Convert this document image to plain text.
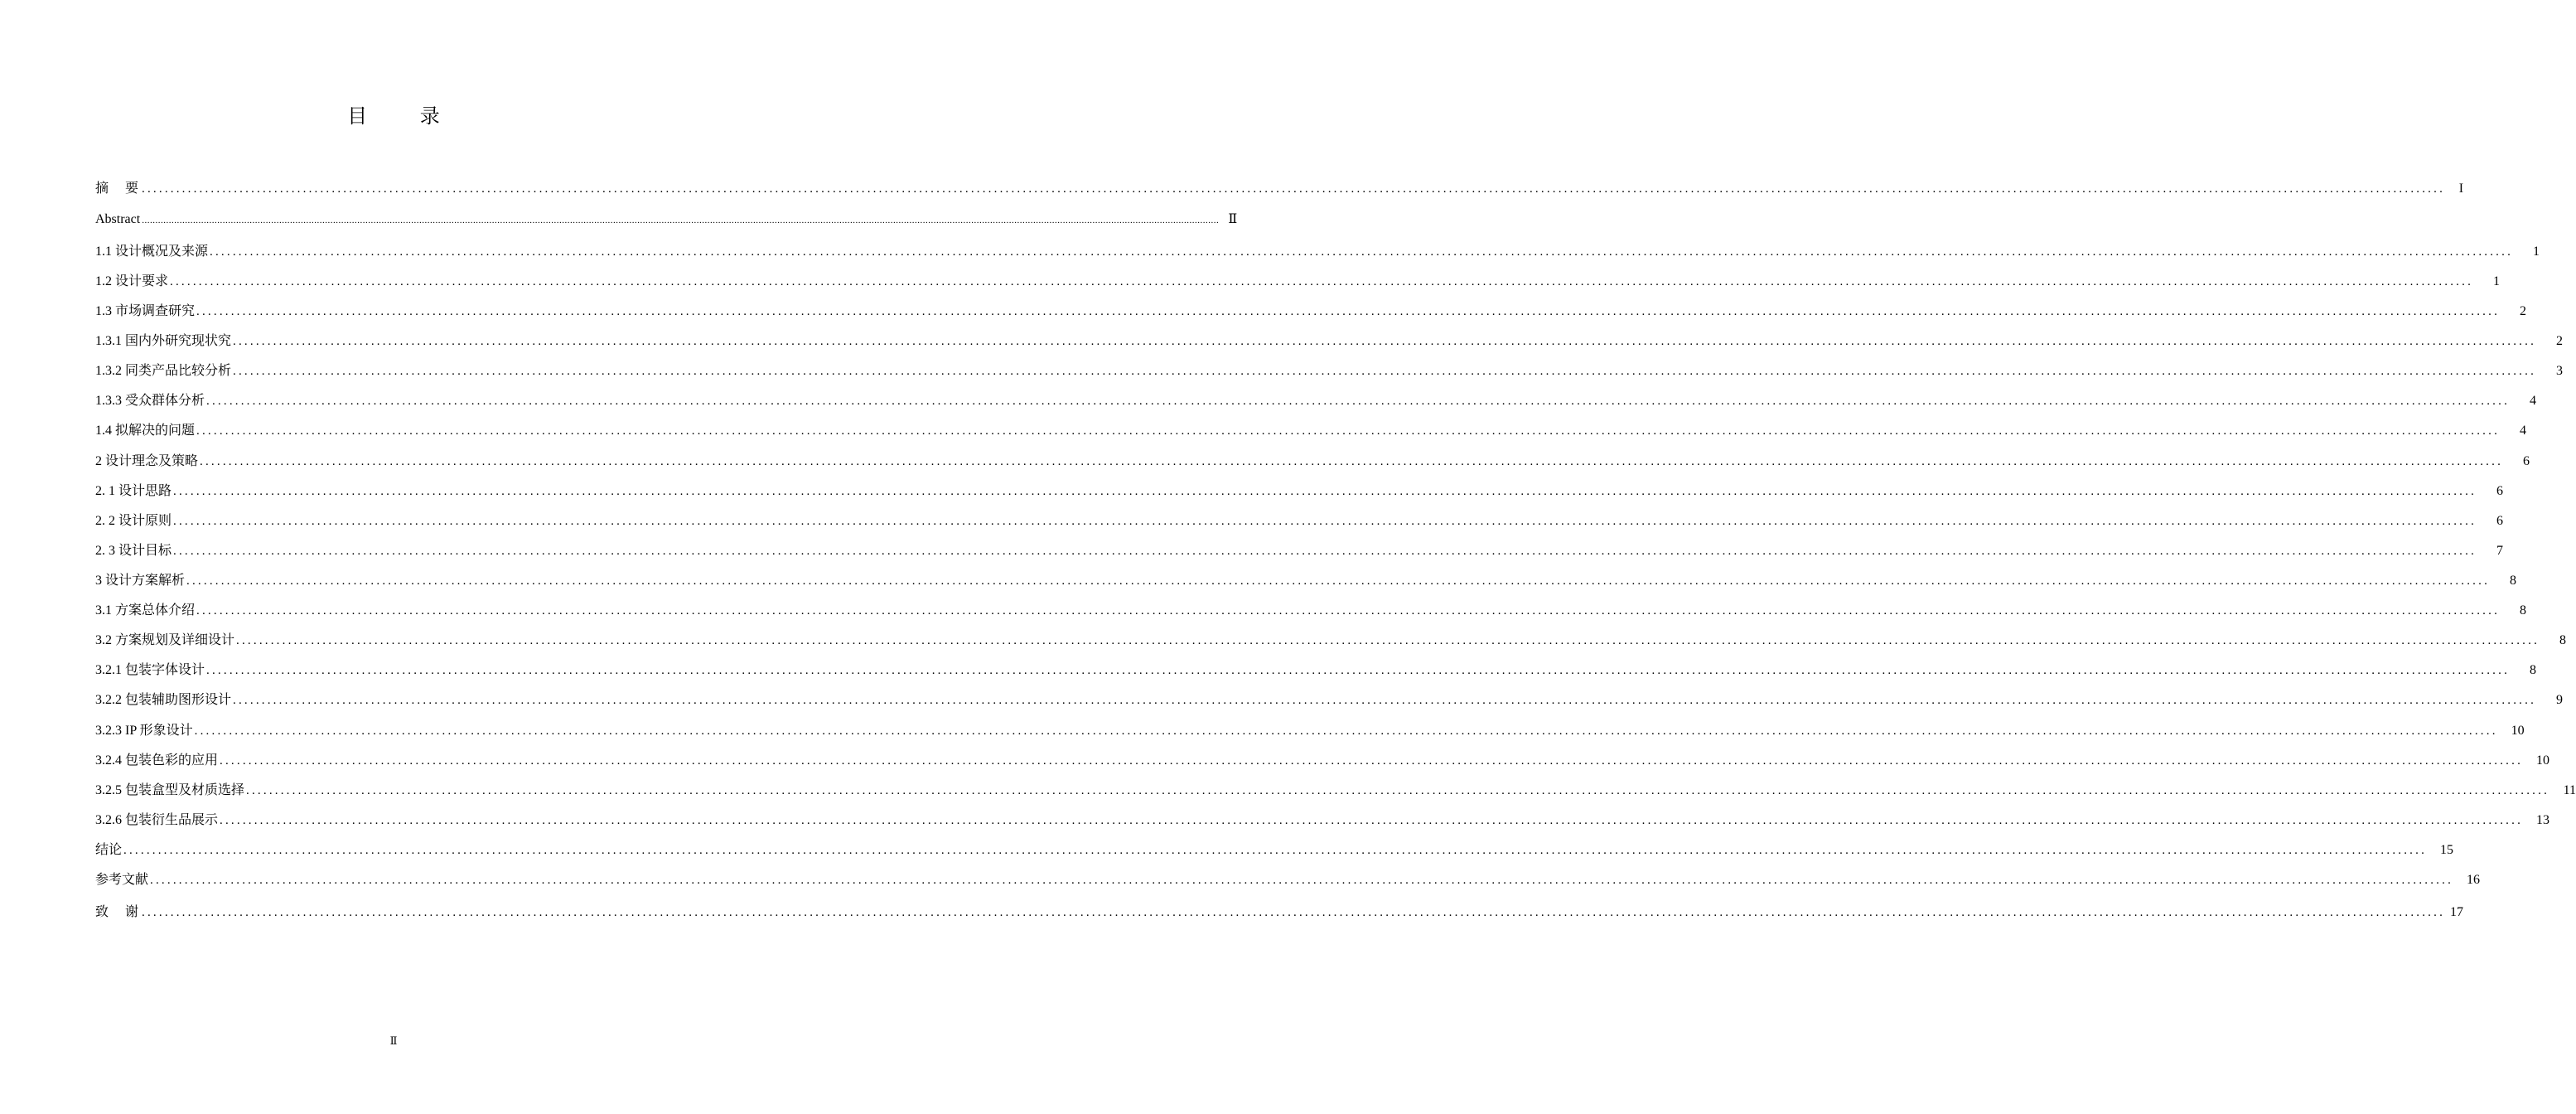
目 录
摘　要 ................................................................................................................................................................................................................................................................................................................................................................................................................	I
Abstract ................................................................................................................................................................................................................................................................................................................................................................................................................ Ⅱ
1.1 设计概况及来源 ................................................................................................................................................................................................................................................................................................................................................................................................................	1
1.2 设计要求 ................................................................................................................................................................................................................................................................................................................................................................................................................	1
1.3 市场调查研究 ................................................................................................................................................................................................................................................................................................................................................................................................................	2
1.3.1 国内外研究现状究 ................................................................................................................................................................................................................................................................................................................................................................................................................	2
1.3.2 同类产品比较分析 ................................................................................................................................................................................................................................................................................................................................................................................................................	3
1.3.3 受众群体分析 ................................................................................................................................................................................................................................................................................................................................................................................................................	4
1.4 拟解决的问题 ................................................................................................................................................................................................................................................................................................................................................................................................................	4
2 设计理念及策略 ................................................................................................................................................................................................................................................................................................................................................................................................................	6
2. 1 设计思路 ................................................................................................................................................................................................................................................................................................................................................................................................................	6
2. 2 设计原则 ................................................................................................................................................................................................................................................................................................................................................................................................................	6
2. 3 设计目标 ................................................................................................................................................................................................................................................................................................................................................................................................................	7
3 设计方案解析 ................................................................................................................................................................................................................................................................................................................................................................................................................	8
3.1 方案总体介绍 ................................................................................................................................................................................................................................................................................................................................................................................................................	8
3.2 方案规划及详细设计 ................................................................................................................................................................................................................................................................................................................................................................................................................	8
3.2.1 包装字体设计 ................................................................................................................................................................................................................................................................................................................................................................................................................	8
3.2.2 包装辅助图形设计 ................................................................................................................................................................................................................................................................................................................................................................................................................	9
3.2.3 IP 形象设计 ................................................................................................................................................................................................................................................................................................................................................................................................................	10
3.2.4 包装色彩的应用 ................................................................................................................................................................................................................................................................................................................................................................................................................	10
3.2.5 包装盒型及材质选择 ................................................................................................................................................................................................................................................................................................................................................................................................................	11
3.2.6 包装衍生品展示 ................................................................................................................................................................................................................................................................................................................................................................................................................	13
结论 ................................................................................................................................................................................................................................................................................................................................................................................................................	15
参考文献 ................................................................................................................................................................................................................................................................................................................................................................................................................	16
致　谢 ................................................................................................................................................................................................................................................................................................................................................................................................................ 17
Ⅱ
